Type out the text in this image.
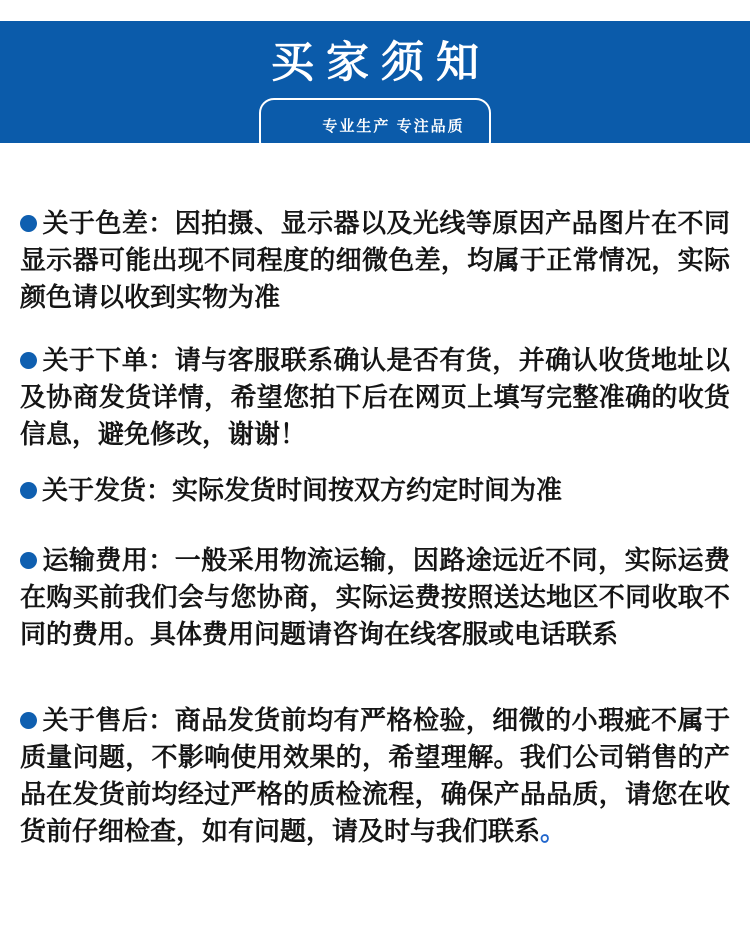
买家须知

专业生产 专注品质

关于色差：因拍摄、显示器以及光线等原因产品图片在不同显示器可能出现不同程度的细微色差，均属于正常情况，实际颜色请以收到实物为准
关于下单：请与客服联系确认是否有货，并确认收货地址以及协商发货详情，希望您拍下后在网页上填写完整准确的收货信息，避免修改，谢谢！
关于发货：实际发货时间按双方约定时间为准
运输费用：一般采用物流运输，因路途远近不同，实际运费在购买前我们会与您协商，实际运费按照送达地区不同收取不同的费用。具体费用问题请咨询在线客服或电话联系
关于售后：商品发货前均有严格检验，细微的小瑕疵不属于质量问题，不影响使用效果的，希望理解。我们公司销售的产品在发货前均经过严格的质检流程，确保产品品质，请您在收货前仔细检查，如有问题，请及时与我们联系。
